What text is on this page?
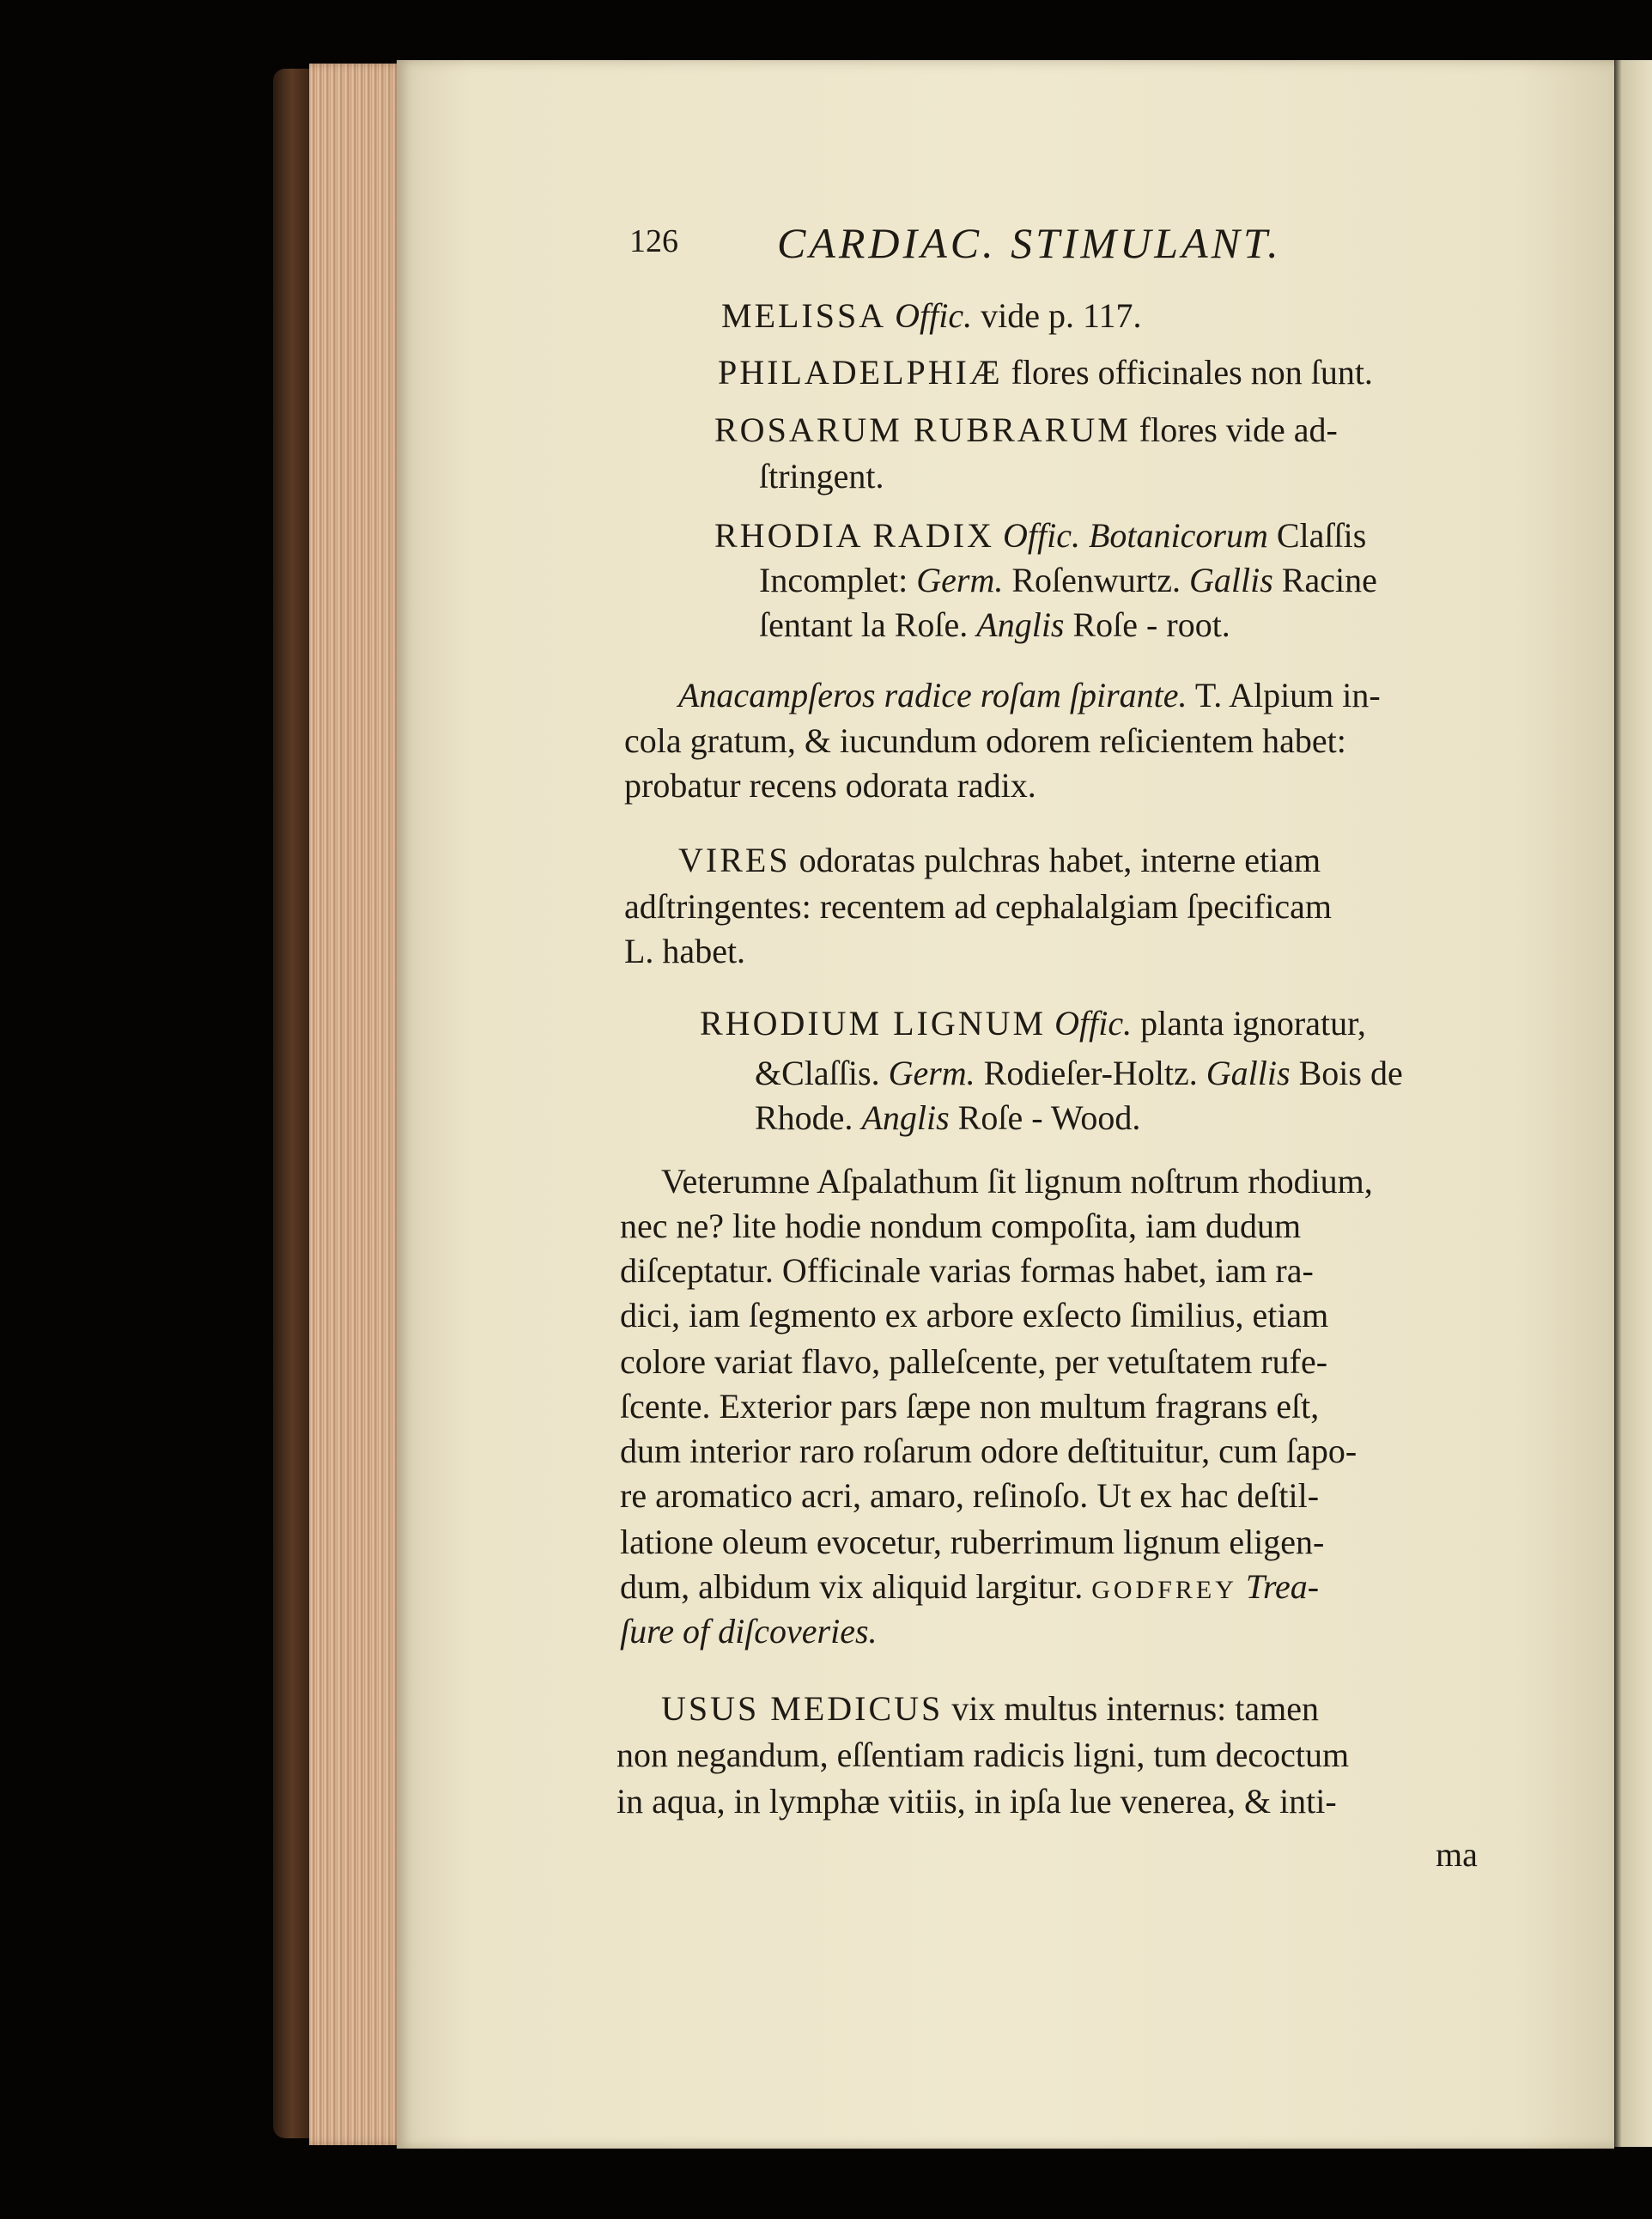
126 CARDIAC. STIMULANT.
MELISSA Offic. vide p. 117.
PHILADELPHIÆ flores officinales non ſunt.
ROSARUM RUBRARUM flores vide ad-
ſtringent.
RHODIA RADIX Offic. Botanicorum Claſſis
Incomplet: Germ. Roſenwurtz. Gallis Racine
ſentant la Roſe. Anglis Roſe - root.
Anacampſeros radice roſam ſpirante. T. Alpium in-
cola gratum, & iucundum odorem reſicientem habet:
probatur recens odorata radix.
VIRES odoratas pulchras habet, interne etiam
adſtringentes: recentem ad cephalalgiam ſpecificam
L. habet.
RHODIUM LIGNUM Offic. planta ignoratur,
&Claſſis. Germ. Rodieſer-Holtz. Gallis Bois de
Rhode. Anglis Roſe - Wood.
Veterumne Aſpalathum ſit lignum noſtrum rhodium,
nec ne? lite hodie nondum compoſita, iam dudum
diſceptatur. Officinale varias formas habet, iam ra-
dici, iam ſegmento ex arbore exſecto ſimilius, etiam
colore variat flavo, palleſcente, per vetuſtatem rufe-
ſcente. Exterior pars ſæpe non multum fragrans eſt,
dum interior raro roſarum odore deſtituitur, cum ſapo-
re aromatico acri, amaro, reſinoſo. Ut ex hac deſtil-
latione oleum evocetur, ruberrimum lignum eligen-
dum, albidum vix aliquid largitur. GODFREY Trea-
ſure of diſcoveries.
USUS MEDICUS vix multus internus: tamen
non negandum, eſſentiam radicis ligni, tum decoctum
in aqua, in lymphæ vitiis, in ipſa lue venerea, & inti-
ma
